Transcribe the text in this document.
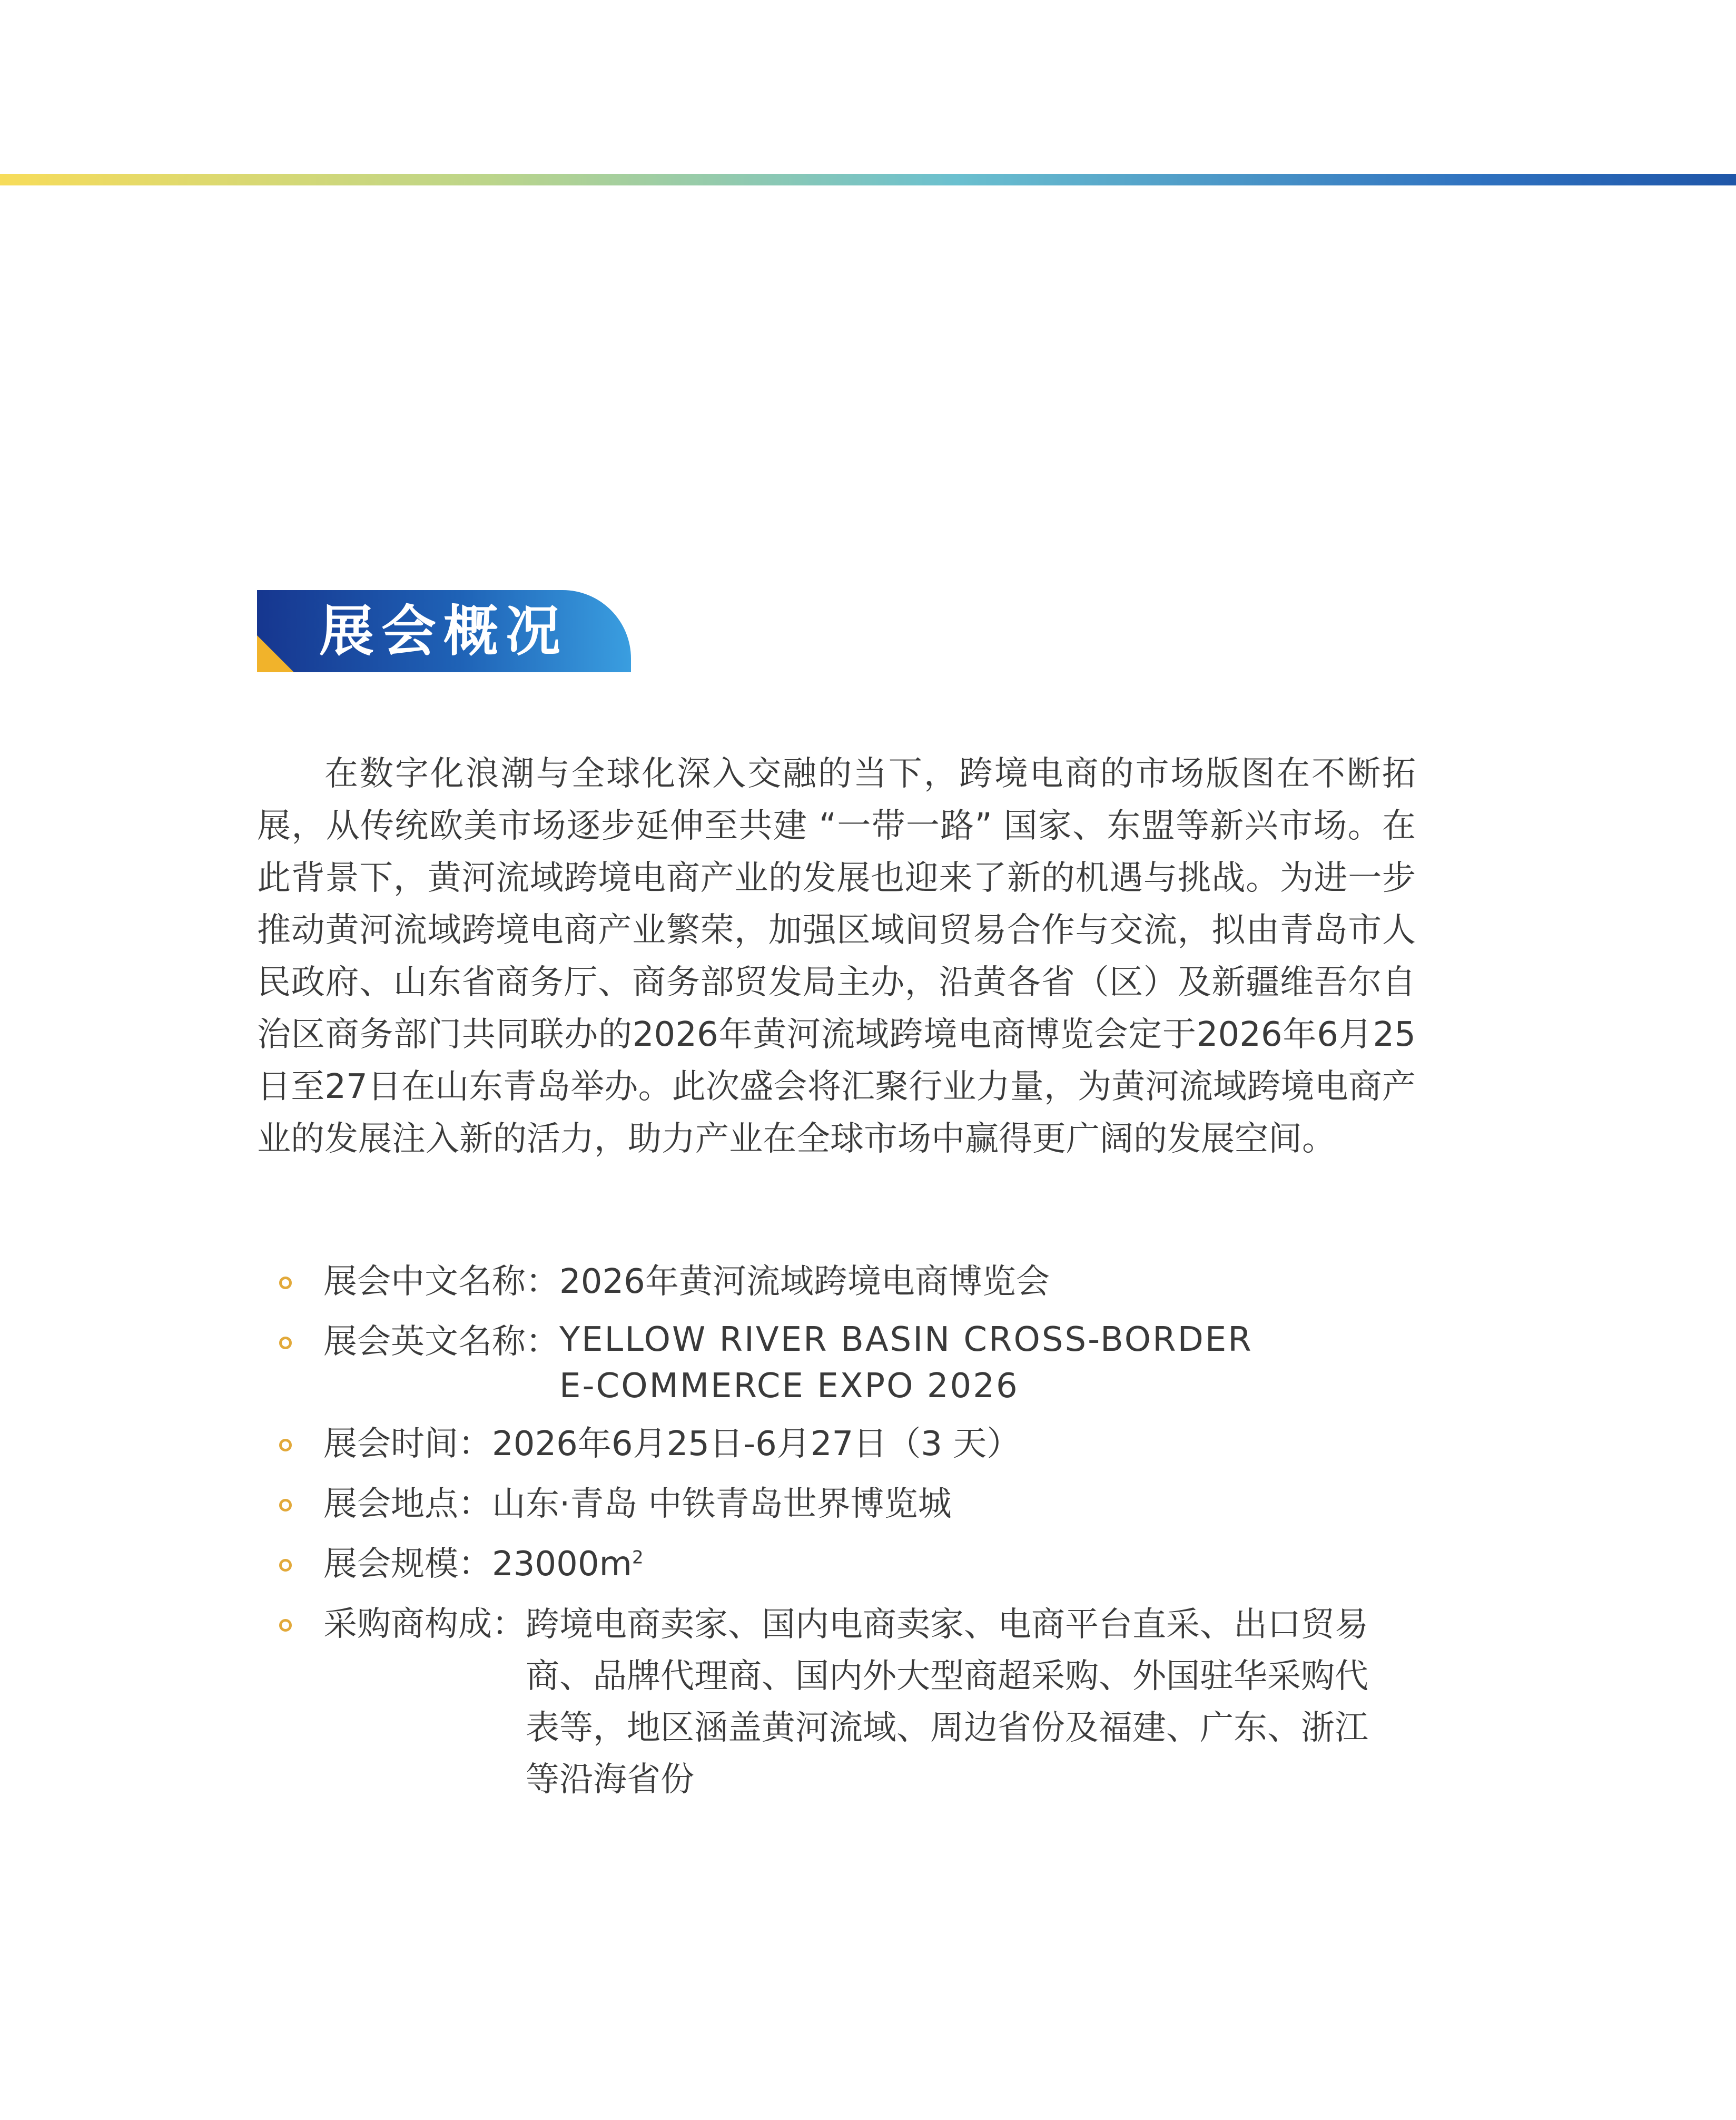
展会概况

在数字化浪潮与全球化深入交融的当下，跨境电商的市场版图在不断拓展，从传统欧美市场逐步延伸至共建 “一带一路” 国家、东盟等新兴市场。在此背景下，黄河流域跨境电商产业的发展也迎来了新的机遇与挑战。为进一步推动黄河流域跨境电商产业繁荣，加强区域间贸易合作与交流，拟由青岛市人民政府、山东省商务厅、商务部贸发局主办，沿黄各省（区）及新疆维吾尔自治区商务部门共同联办的2026年黄河流域跨境电商博览会定于2026年6月25日至27日在山东青岛举办。此次盛会将汇聚行业力量，为黄河流域跨境电商产业的发展注入新的活力，助力产业在全球市场中赢得更广阔的发展空间。

展会中文名称： 2026年黄河流域跨境电商博览会
展会英文名称： YELLOW RIVER BASIN CROSS-BORDER
E-COMMERCE EXPO 2026
展会时间： 2026年6月25日-6月27日（3 天）
展会地点： 山东·青岛 中铁青岛世界博览城
展会规模： $23000m^2$
采购商构成： 跨境电商卖家、国内电商卖家、电商平台直采、出口贸易
商、品牌代理商、国内外大型商超采购、外国驻华采购代
表等，地区涵盖黄河流域、周边省份及福建、广东、浙江
等沿海省份
